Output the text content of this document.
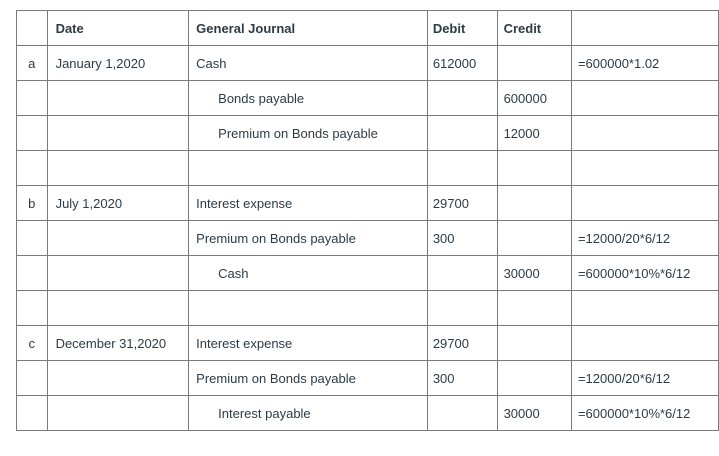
	Date	General Journal	Debit	Credit	
a	January 1,2020	Cash	612000		=600000*1.02
		Bonds payable		600000	
		Premium on Bonds payable		12000	

b	July 1,2020	Interest expense	29700		
		Premium on Bonds payable	300		=12000/20*6/12
		Cash		30000	=600000*10%*6/12

c	December 31,2020	Interest expense	29700		
		Premium on Bonds payable	300		=12000/20*6/12
		Interest payable		30000	=600000*10%*6/12
